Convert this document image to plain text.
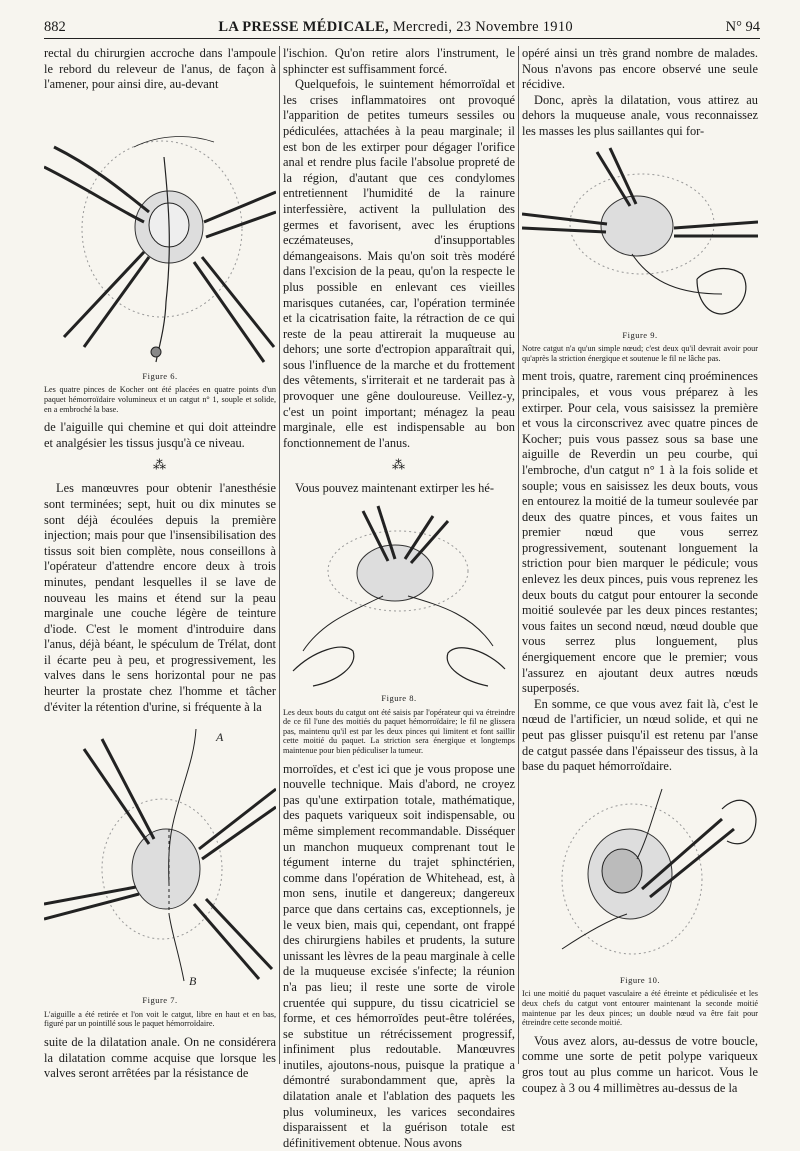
882	LA PRESSE MÉDICALE, Mercredi, 23 Novembre 1910	N° 94

rectal du chirurgien accroche dans l'ampoule le rebord du releveur de l'anus, de façon à l'amener, pour ainsi dire, au-devant

Figure 6.
Les quatre pinces de Kocher ont été placées en quatre points d'un paquet hémorroïdaire volumineux et un catgut n° 1, souple et solide, en a embroché la base.

de l'aiguille qui chemine et qui doit atteindre et analgésier les tissus jusqu'à ce niveau.

⁂

Les manœuvres pour obtenir l'anesthésie sont terminées; sept, huit ou dix minutes se sont déjà écoulées depuis la première injection; mais pour que l'insensibilisation des tissus soit bien complète, nous conseillons à l'opérateur d'attendre encore deux à trois minutes, pendant lesquelles il se lave de nouveau les mains et étend sur la peau marginale une couche légère de teinture d'iode. C'est le moment d'introduire dans l'anus, déjà béant, le spéculum de Trélat, dont il écarte peu à peu, et progressivement, les valves dans le sens horizontal pour ne pas heurter la prostate chez l'homme et tâcher d'éviter la rétention d'urine, si fréquente à la

A
B
Figure 7.
L'aiguille a été retirée et l'on voit le catgut, libre en haut et en bas, figuré par un pointillé sous le paquet hémorroïdaire.

suite de la dilatation anale. On ne considérera la dilatation comme acquise que lorsque les valves seront arrêtées par la résistance de

l'ischion. Qu'on retire alors l'instrument, le sphincter est suffisamment forcé.

Quelquefois, le suintement hémorroïdal et les crises inflammatoires ont provoqué l'apparition de petites tumeurs sessiles ou pédiculées, attachées à la peau marginale; il est bon de les extirper pour dégager l'orifice anal et rendre plus facile l'absolue propreté de la région, d'autant que ces condylomes entretiennent l'humidité de la rainure interfessière, activent la pullulation des germes et favorisent, avec les éruptions eczémateuses, d'insupportables démangeaisons. Mais qu'on soit très modéré dans l'excision de la peau, qu'on la respecte le plus possible en enlevant ces vieilles marisques cutanées, car, l'opération terminée et la cicatrisation faite, la rétraction de ce qui reste de la peau attirerait la muqueuse au dehors; une sorte d'ectropion apparaîtrait qui, sous l'influence de la marche et du frottement des vêtements, s'irriterait et ne tarderait pas à provoquer une gêne douloureuse. Veillez-y, c'est un point important; ménagez la peau marginale, elle est indispensable au bon fonctionnement de l'anus.

⁂

Vous pouvez maintenant extirper les hé-

Figure 8.
Les deux bouts du catgut ont été saisis par l'opérateur qui va étreindre de ce fil l'une des moitiés du paquet hémorroïdaire; le fil ne glissera pas, maintenu qu'il est par les deux pinces qui limitent et font saillir cette moitié du paquet. La striction sera énergique et longtemps maintenue pour bien pédiculiser la tumeur.

morroïdes, et c'est ici que je vous propose une nouvelle technique. Mais d'abord, ne croyez pas qu'une extirpation totale, mathématique, des paquets variqueux soit indispensable, ou même simplement recommandable. Disséquer un manchon muqueux comprenant tout le tégument interne du trajet sphinctérien, comme dans l'opération de Whitehead, est, à mon sens, inutile et dangereux; dangereux parce que dans certains cas, exceptionnels, je le veux bien, mais qui, cependant, ont frappé des chirurgiens habiles et prudents, la suture unissant les lèvres de la peau marginale à celle de la muqueuse excisée s'infecte; la réunion n'a pas lieu; il reste une sorte de virole cruentée qui suppure, du tissu cicatriciel se forme, et ces hémorroïdes peut-être tolérées, se substitue un rétrécissement progressif, infiniment plus redoutable. Manœuvres inutiles, ajoutons-nous, puisque la pratique a démontré surabondamment que, après la dilatation anale et l'ablation des paquets les plus volumineux, les varices secondaires disparaissent et la guérison totale est définitivement obtenue. Nous avons

opéré ainsi un très grand nombre de malades. Nous n'avons pas encore observé une seule récidive.

Donc, après la dilatation, vous attirez au dehors la muqueuse anale, vous reconnaissez les masses les plus saillantes qui for-

Figure 9.
Notre catgut n'a qu'un simple nœud; c'est deux qu'il devrait avoir pour qu'après la striction énergique et soutenue le fil ne lâche pas.

ment trois, quatre, rarement cinq proéminences principales, et vous vous préparez à les extirper. Pour cela, vous saisissez la première et vous la circonscrivez avec quatre pinces de Kocher; puis vous passez sous sa base une aiguille de Reverdin un peu courbe, qui l'embroche, d'un catgut n° 1 à la fois solide et souple; vous en saisissez les deux bouts, vous en entourez la moitié de la tumeur soulevée par deux des quatre pinces, et vous faites un premier nœud que vous serrez progressivement, soutenant longuement la striction pour bien marquer le pédicule; vous enlevez les deux pinces, puis vous reprenez les deux bouts du catgut pour entourer la seconde moitié soulevée par les deux pinces restantes; vous faites un second nœud, nœud double que vous serrez plus longuement, plus énergiquement encore que le premier; vous l'assurez en ajoutant deux autres nœuds superposés.

En somme, ce que vous avez fait là, c'est le nœud de l'artificier, un nœud solide, et qui ne peut pas glisser puisqu'il est retenu par l'anse de catgut passée dans l'épaisseur des tissus, à la base du paquet hémorroïdaire.

Figure 10.
Ici une moitié du paquet vasculaire a été étreinte et pédiculisée et les deux chefs du catgut vont entourer maintenant la seconde moitié maintenue par les deux pinces; un double nœud va être fait pour étreindre cette seconde moitié.

Vous avez alors, au-dessus de votre boucle, comme une sorte de petit polype variqueux gros tout au plus comme un haricot. Vous le coupez à 3 ou 4 millimètres au-dessus de la
